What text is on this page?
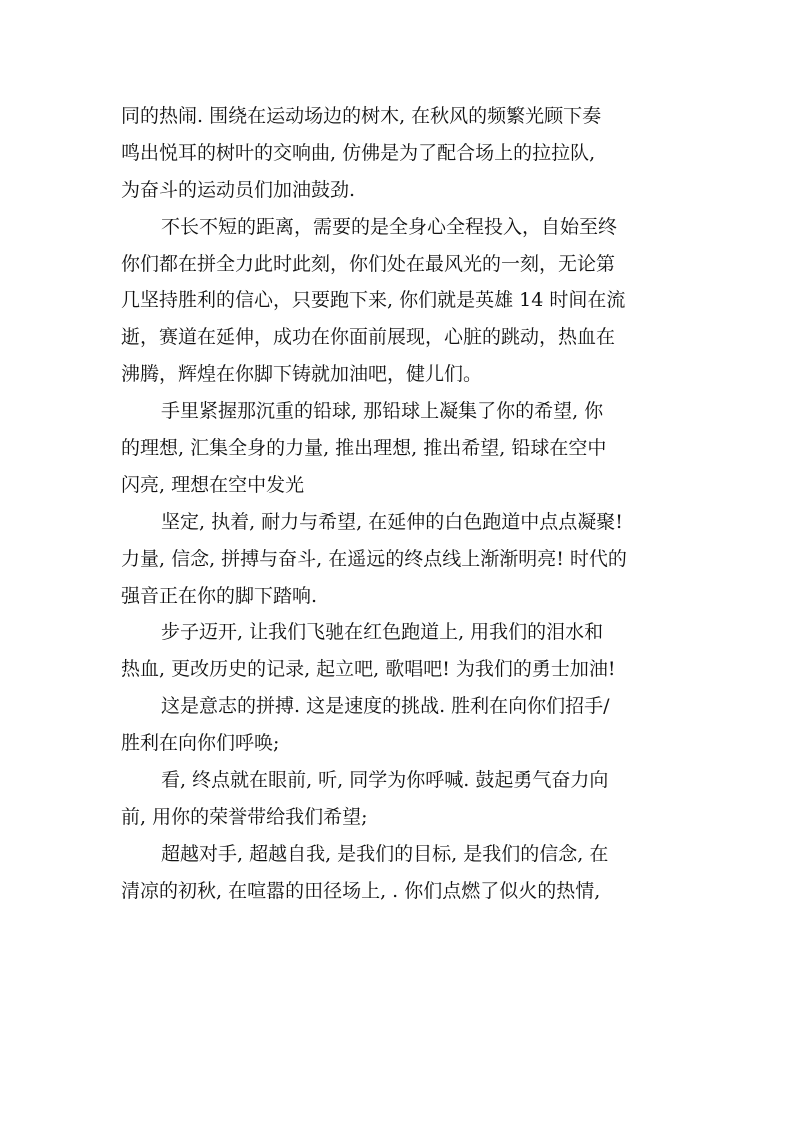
同的热闹. 围绕在运动场边的树木, 在秋风的频繁光顾下奏
鸣出悦耳的树叶的交响曲, 仿佛是为了配合场上的拉拉队,
为奋斗的运动员们加油鼓劲.
不长不短的距离，需要的是全身心全程投入，自始至终
你们都在拼全力此时此刻，你们处在最风光的一刻，无论第
几坚持胜利的信心，只要跑下来, 你们就是英雄 14 时间在流
逝，赛道在延伸，成功在你面前展现，心脏的跳动，热血在
沸腾，辉煌在你脚下铸就加油吧，健儿们。
手里紧握那沉重的铅球, 那铅球上凝集了你的希望, 你
的理想, 汇集全身的力量, 推出理想, 推出希望, 铅球在空中
闪亮, 理想在空中发光
坚定, 执着, 耐力与希望, 在延伸的白色跑道中点点凝聚!
力量, 信念, 拼搏与奋斗, 在遥远的终点线上渐渐明亮! 时代的
强音正在你的脚下踏响.
步子迈开, 让我们飞驰在红色跑道上, 用我们的泪水和
热血, 更改历史的记录, 起立吧, 歌唱吧! 为我们的勇士加油!
这是意志的拼搏. 这是速度的挑战. 胜利在向你们招手/
胜利在向你们呼唤;
看, 终点就在眼前, 听, 同学为你呼喊. 鼓起勇气奋力向
前, 用你的荣誉带给我们希望;
超越对手, 超越自我, 是我们的目标, 是我们的信念, 在
清凉的初秋, 在喧嚣的田径场上, . 你们点燃了似火的热情,
